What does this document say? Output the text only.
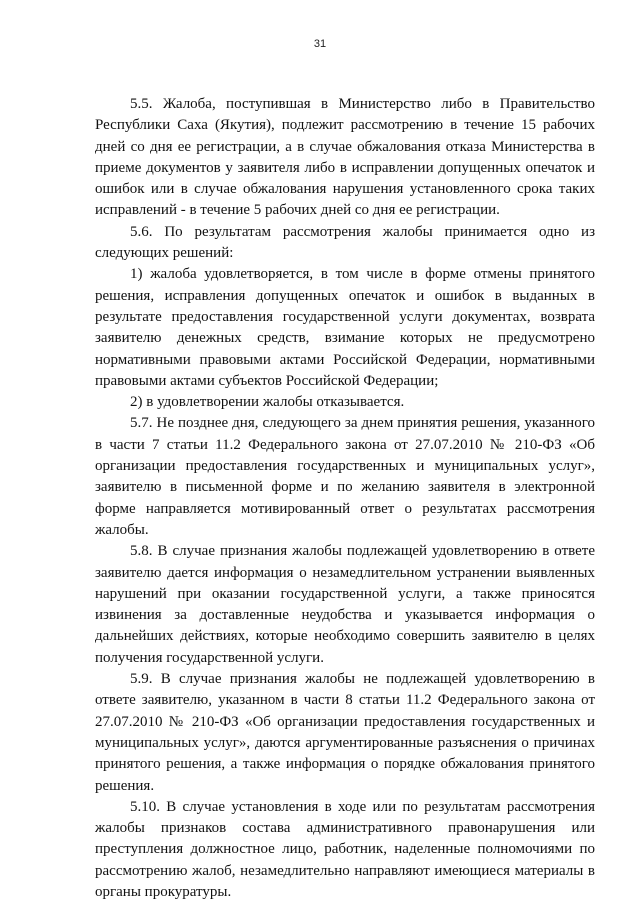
31

5.5. Жалоба, поступившая в Министерство либо в Правительство Республики Саха (Якутия), подлежит рассмотрению в течение 15 рабочих дней со дня ее регистрации, а в случае обжалования отказа Министерства в приеме документов у заявителя либо в исправлении допущенных опечаток и ошибок или в случае обжалования нарушения установленного срока таких исправлений - в течение 5 рабочих дней со дня ее регистрации.

5.6. По результатам рассмотрения жалобы принимается одно из следующих решений:

1) жалоба удовлетворяется, в том числе в форме отмены принятого решения, исправления допущенных опечаток и ошибок в выданных в результате предоставления государственной услуги документах, возврата заявителю денежных средств, взимание которых не предусмотрено нормативными правовыми актами Российской Федерации, нормативными правовыми актами субъектов Российской Федерации;

2) в удовлетворении жалобы отказывается.

5.7. Не позднее дня, следующего за днем принятия решения, указанного в части 7 статьи 11.2 Федерального закона от 27.07.2010 № 210-ФЗ «Об организации предоставления государственных и муниципальных услуг», заявителю в письменной форме и по желанию заявителя в электронной форме направляется мотивированный ответ о результатах рассмотрения жалобы.

5.8. В случае признания жалобы подлежащей удовлетворению в ответе заявителю дается информация о незамедлительном устранении выявленных нарушений при оказании государственной услуги, а также приносятся извинения за доставленные неудобства и указывается информация о дальнейших действиях, которые необходимо совершить заявителю в целях получения государственной услуги.

5.9. В случае признания жалобы не подлежащей удовлетворению в ответе заявителю, указанном в части 8 статьи 11.2 Федерального закона от 27.07.2010 № 210-ФЗ «Об организации предоставления государственных и муниципальных услуг», даются аргументированные разъяснения о причинах принятого решения, а также информация о порядке обжалования принятого решения.

5.10. В случае установления в ходе или по результатам рассмотрения жалобы признаков состава административного правонарушения или преступления должностное лицо, работник, наделенные полномочиями по рассмотрению жалоб, незамедлительно направляют имеющиеся материалы в органы прокуратуры.
